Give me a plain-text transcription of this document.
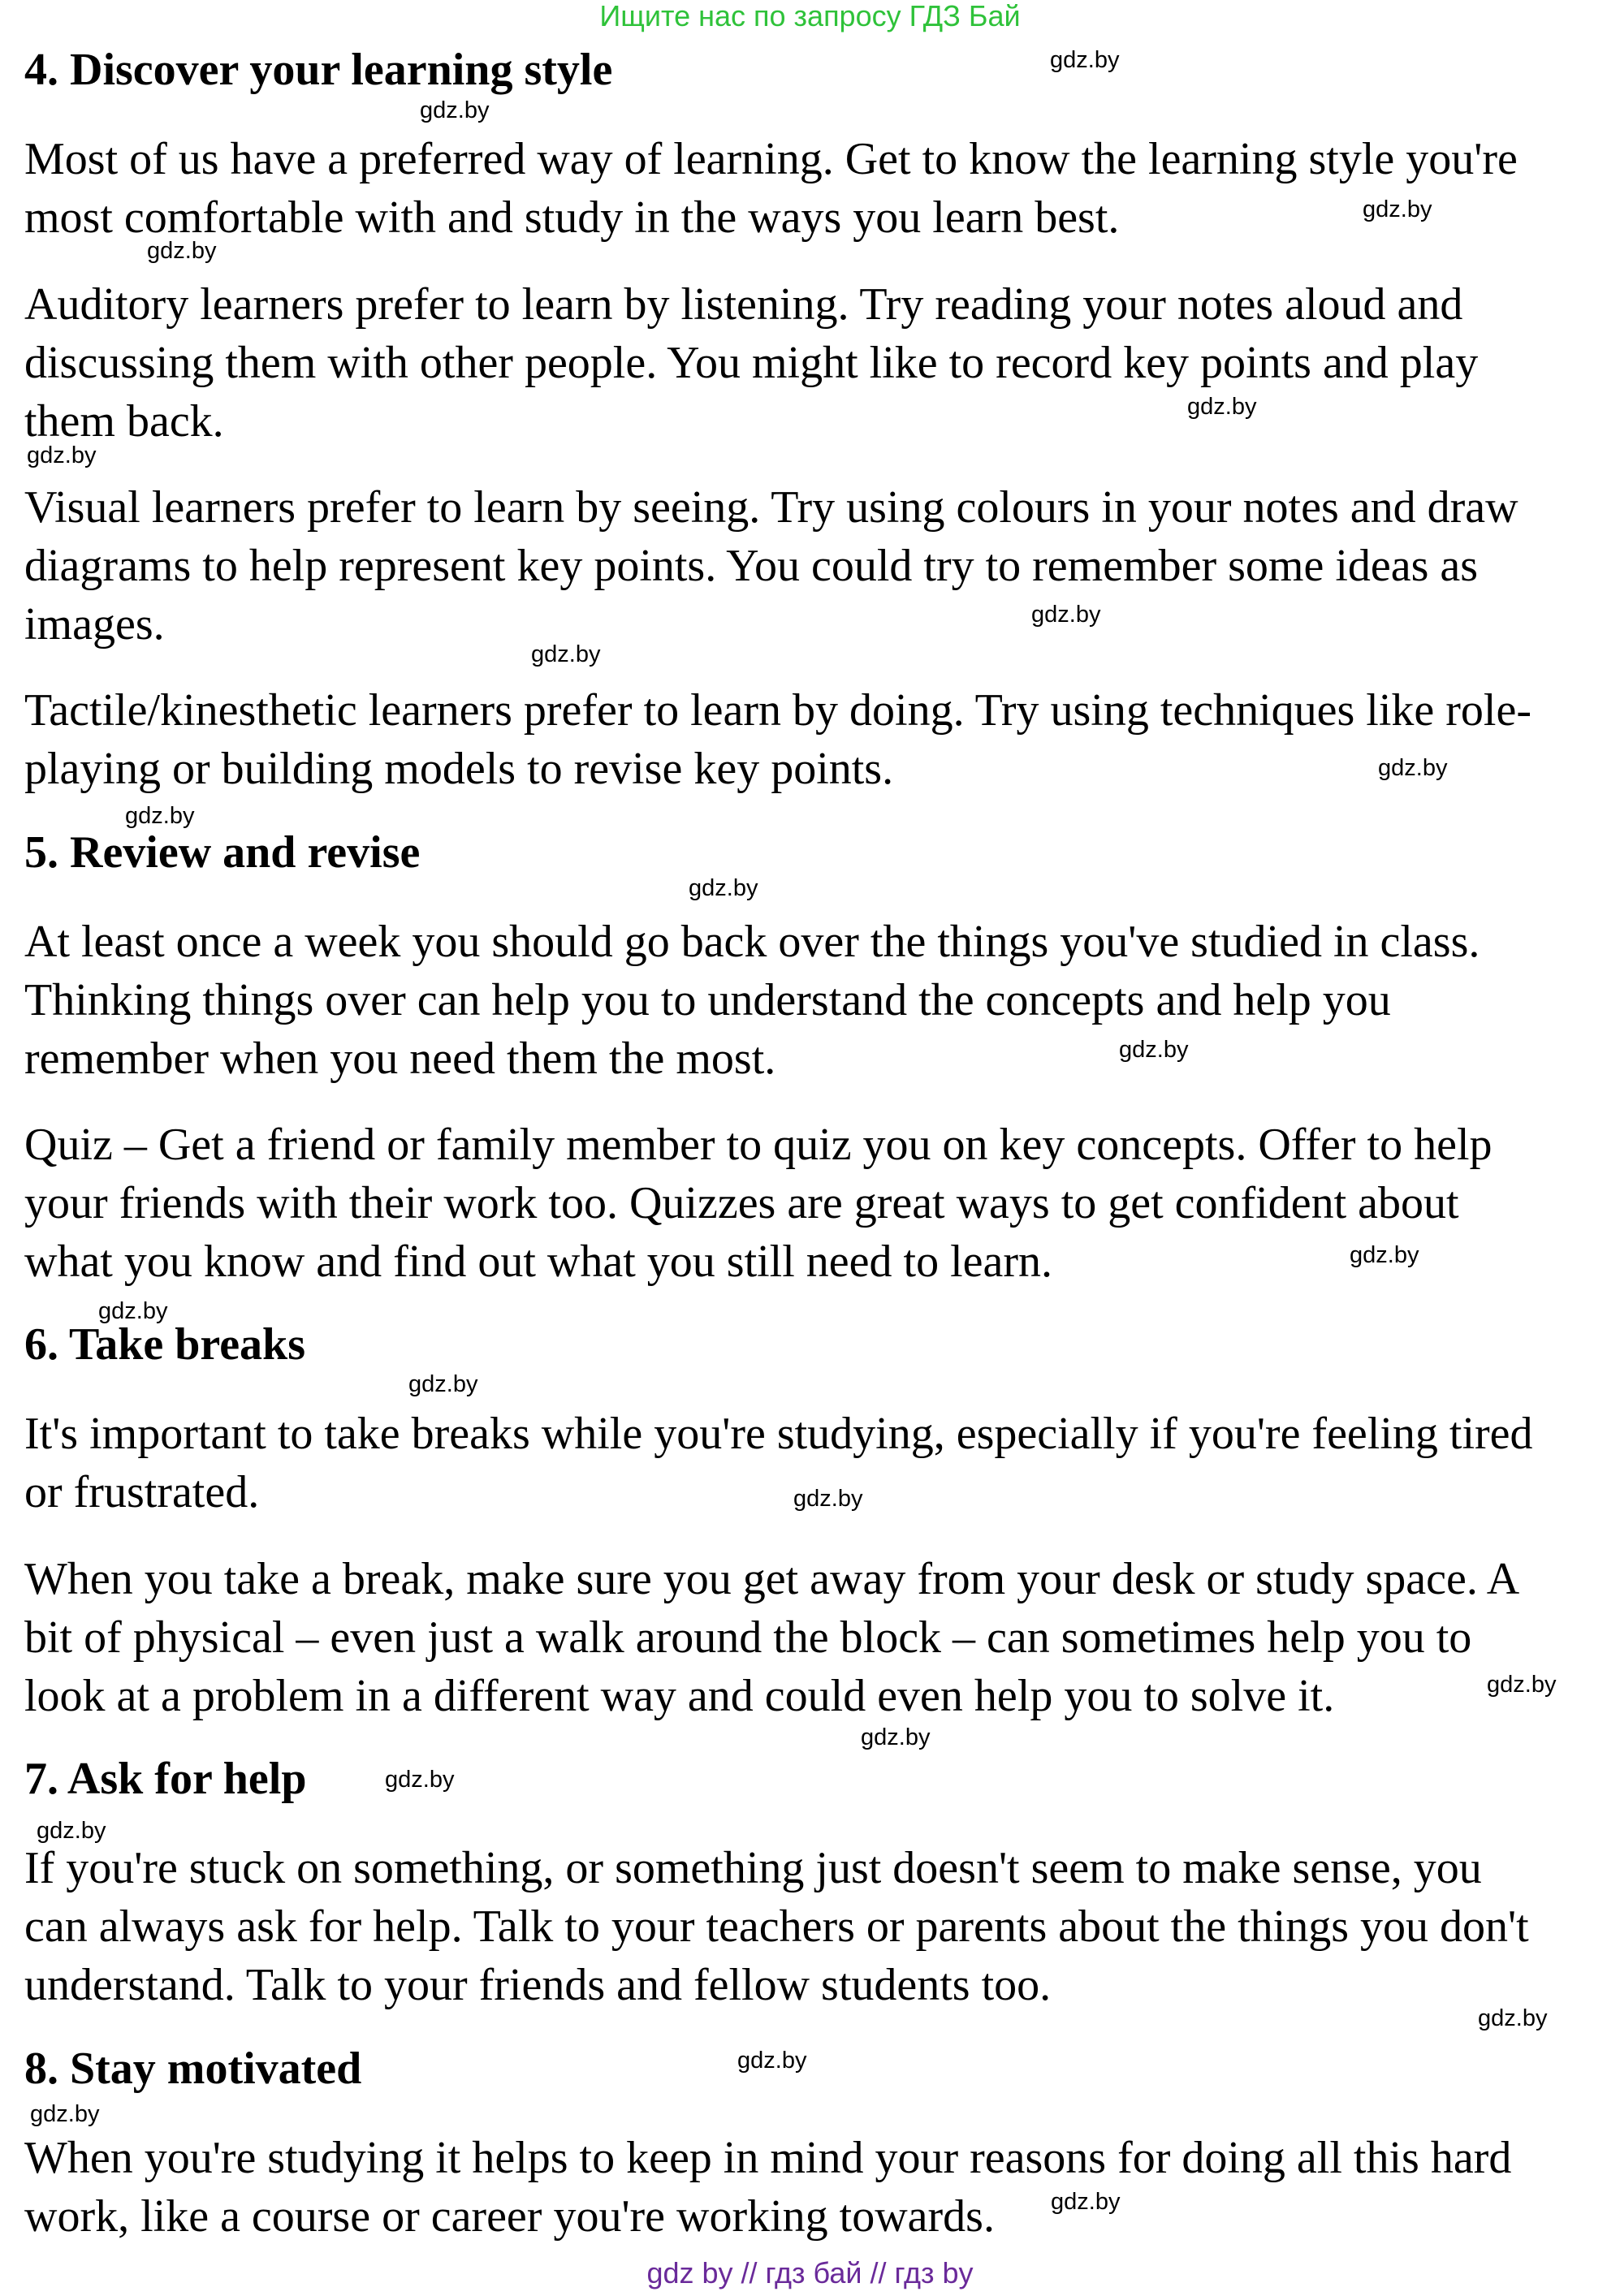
Ищите нас по запросу ГДЗ Бай
4. Discover your learning style

Most of us have a preferred way of learning. Get to know the learning style you're
most comfortable with and study in the ways you learn best.

Auditory learners prefer to learn by listening. Try reading your notes aloud and
discussing them with other people. You might like to record key points and play
them back.

Visual learners prefer to learn by seeing. Try using colours in your notes and draw
diagrams to help represent key points. You could try to remember some ideas as
images.

Tactile/kinesthetic learners prefer to learn by doing. Try using techniques like role-
playing or building models to revise key points.

5. Review and revise

At least once a week you should go back over the things you've studied in class.
Thinking things over can help you to understand the concepts and help you
remember when you need them the most.

Quiz – Get a friend or family member to quiz you on key concepts. Offer to help
your friends with their work too. Quizzes are great ways to get confident about
what you know and find out what you still need to learn.

6. Take breaks

It's important to take breaks while you're studying, especially if you're feeling tired
or frustrated.

When you take a break, make sure you get away from your desk or study space. A
bit of physical – even just a walk around the block – can sometimes help you to
look at a problem in a different way and could even help you to solve it.

7. Ask for help

If you're stuck on something, or something just doesn't seem to make sense, you
can always ask for help. Talk to your teachers or parents about the things you don't
understand. Talk to your friends and fellow students too.

8. Stay motivated

When you're studying it helps to keep in mind your reasons for doing all this hard
work, like a course or career you're working towards.

gdz.by
gdz.by
gdz.by
gdz.by
gdz.by
gdz.by
gdz.by
gdz.by
gdz.by
gdz.by
gdz.by
gdz.by
gdz.by
gdz.by
gdz.by
gdz.by
gdz.by
gdz.by
gdz.by
gdz.by
gdz.by
gdz.by
gdz.by
gdz.by
gdz by // гдз бай // гдз by
